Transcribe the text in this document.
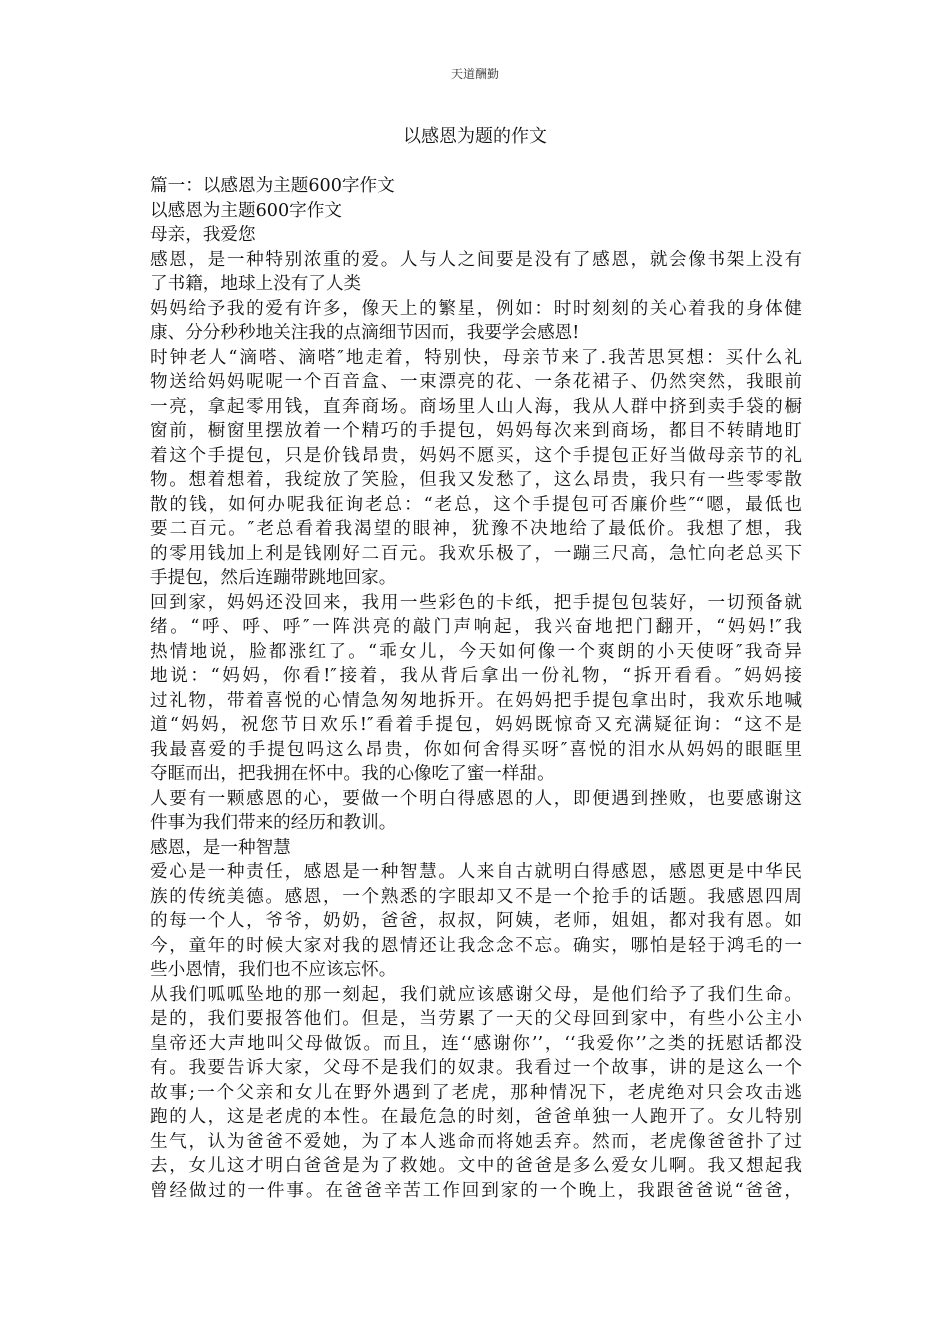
天道酬勤
以感恩为题的作文
篇一：以感恩为主题600字作文
以感恩为主题600字作文
母亲，我爱您
感恩，是一种特别浓重的爱。人与人之间要是没有了感恩，就会像书架上没有
了书籍，地球上没有了人类
妈妈给予我的爱有许多，像天上的繁星，例如：时时刻刻的关心着我的身体健
康、分分秒秒地关注我的点滴细节因而，我要学会感恩!
时钟老人“滴嗒、滴嗒″地走着，特别快，母亲节来了.我苦思冥想：买什么礼
物送给妈妈呢呢一个百音盒、一束漂亮的花、一条花裙子、仍然突然，我眼前
一亮，拿起零用钱，直奔商场。商场里人山人海，我从人群中挤到卖手袋的橱
窗前，橱窗里摆放着一个精巧的手提包，妈妈每次来到商场，都目不转睛地盯
着这个手提包，只是价钱昂贵，妈妈不愿买，这个手提包正好当做母亲节的礼
物。想着想着，我绽放了笑脸，但我又发愁了，这么昂贵，我只有一些零零散
散的钱，如何办呢我征询老总：“老总，这个手提包可否廉价些″“嗯，最低也
要二百元。″老总看着我渴望的眼神，犹豫不决地给了最低价。我想了想，我
的零用钱加上利是钱刚好二百元。我欢乐极了，一蹦三尺高，急忙向老总买下
手提包，然后连蹦带跳地回家。
回到家，妈妈还没回来，我用一些彩色的卡纸，把手提包包装好，一切预备就
绪。“呼、呼、呼″一阵洪亮的敲门声响起，我兴奋地把门翻开，“妈妈!″我
热情地说，脸都涨红了。“乖女儿，今天如何像一个爽朗的小天使呀″我奇异
地说：“妈妈，你看!″接着，我从背后拿出一份礼物，“拆开看看。″妈妈接
过礼物，带着喜悦的心情急匆匆地拆开。在妈妈把手提包拿出时，我欢乐地喊
道“妈妈，祝您节日欢乐!″看着手提包，妈妈既惊奇又充满疑征询：“这不是
我最喜爱的手提包吗这么昂贵，你如何舍得买呀″喜悦的泪水从妈妈的眼眶里
夺眶而出，把我拥在怀中。我的心像吃了蜜一样甜。
人要有一颗感恩的心，要做一个明白得感恩的人，即便遇到挫败，也要感谢这
件事为我们带来的经历和教训。
感恩，是一种智慧
爱心是一种责任，感恩是一种智慧。人来自古就明白得感恩，感恩更是中华民
族的传统美德。感恩，一个熟悉的字眼却又不是一个抢手的话题。我感恩四周
的每一个人，爷爷，奶奶，爸爸，叔叔，阿姨，老师，姐姐，都对我有恩。如
今，童年的时候大家对我的恩情还让我念念不忘。确实，哪怕是轻于鸿毛的一
些小恩情，我们也不应该忘怀。
从我们呱呱坠地的那一刻起，我们就应该感谢父母，是他们给予了我们生命。
是的，我们要报答他们。但是，当劳累了一天的父母回到家中，有些小公主小
皇帝还大声地叫父母做饭。而且，连‘‘感谢你’’，‘‘我爱你’’之类的抚慰话都没
有。我要告诉大家，父母不是我们的奴隶。我看过一个故事，讲的是这么一个
故事;一个父亲和女儿在野外遇到了老虎，那种情况下，老虎绝对只会攻击逃
跑的人，这是老虎的本性。在最危急的时刻，爸爸单独一人跑开了。女儿特别
生气，认为爸爸不爱她，为了本人逃命而将她丢弃。然而，老虎像爸爸扑了过
去，女儿这才明白爸爸是为了救她。文中的爸爸是多么爱女儿啊。我又想起我
曾经做过的一件事。在爸爸辛苦工作回到家的一个晚上，我跟爸爸说“爸爸，
